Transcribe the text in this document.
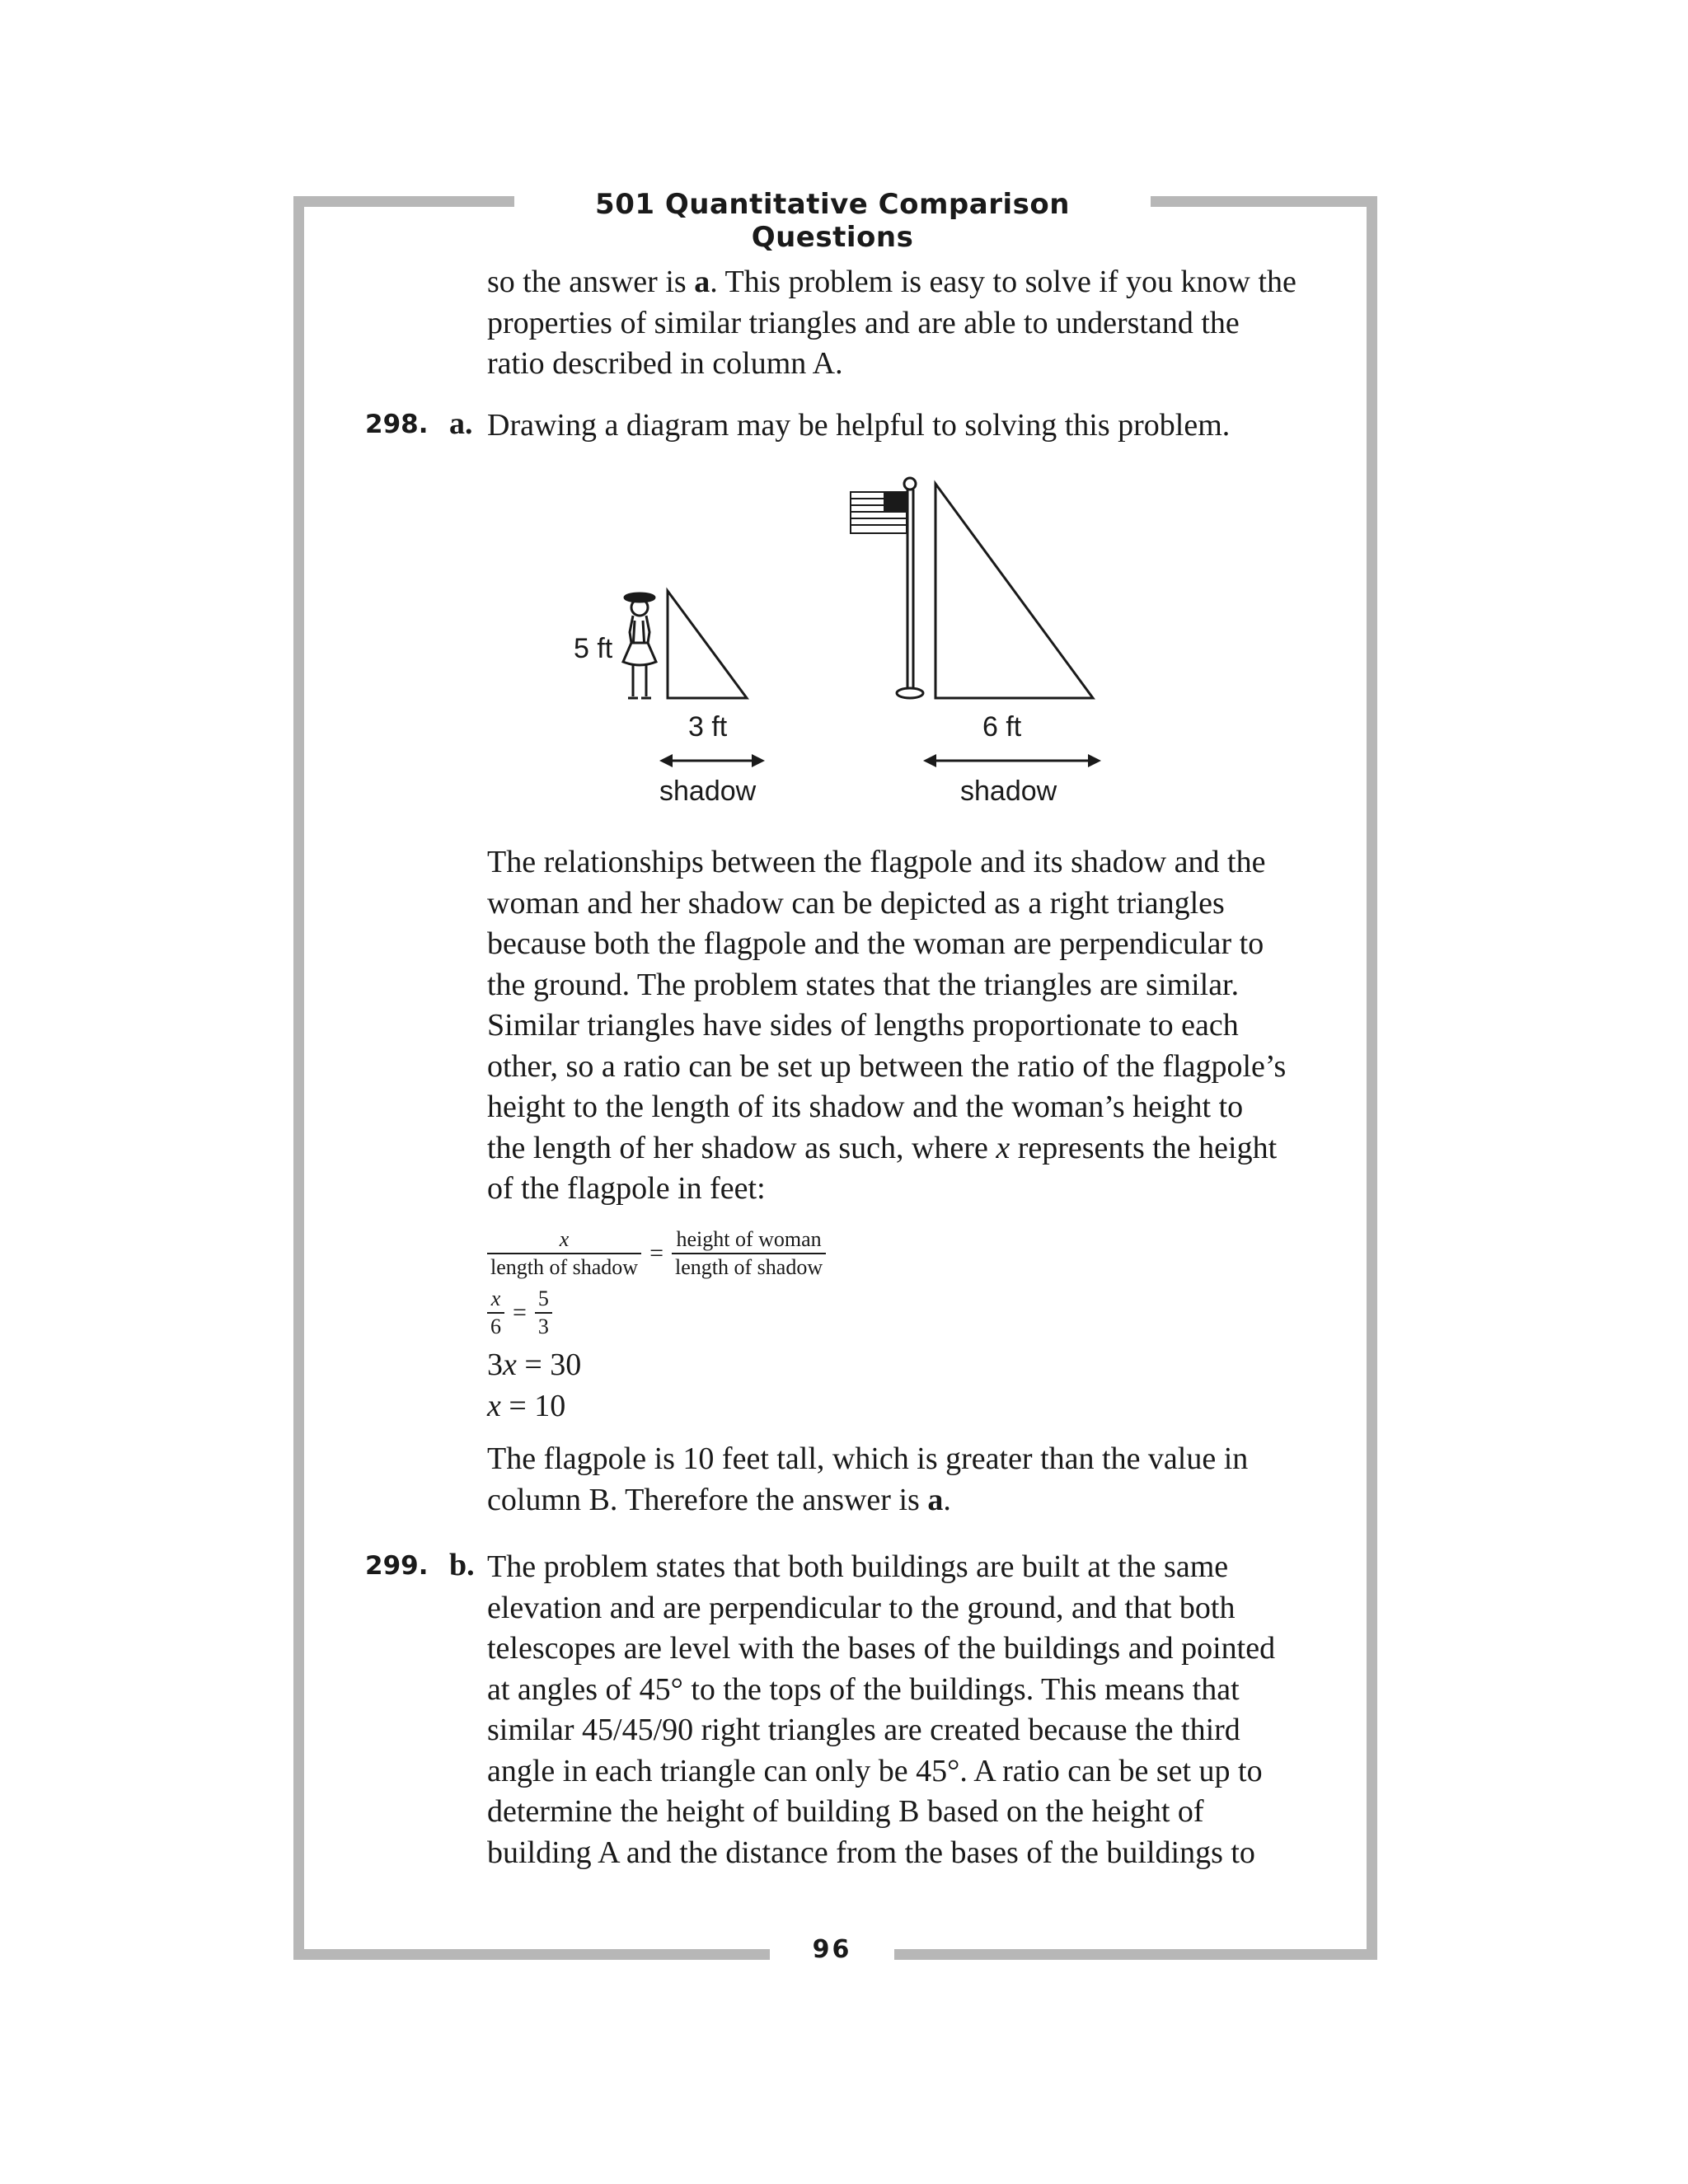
501 Quantitative Comparison Questions

so the answer is a. This problem is easy to solve if you know the

properties of similar triangles and are able to understand the

ratio described in column A.

298. a. Drawing a diagram may be helpful to solving this problem.

5 ft
3 ft	6 ft
shadow	shadow

The relationships between the flagpole and its shadow and the

woman and her shadow can be depicted as a right triangles

because both the flagpole and the woman are perpendicular to

the ground. The problem states that the triangles are similar.

Similar triangles have sides of lengths proportionate to each

other, so a ratio can be set up between the ratio of the flagpole’s

height to the length of its shadow and the woman’s height to

the length of her shadow as such, where x represents the height

of the flagpole in feet:

$\frac{x}{\text{length of shadow}} = \frac{\text{height of woman}}{\text{length of shadow}}$
$\frac{x}{6} = \frac{5}{3}$
3x = 30
x = 10

The flagpole is 10 feet tall, which is greater than the value in

column B. Therefore the answer is a.

299. b. The problem states that both buildings are built at the same

elevation and are perpendicular to the ground, and that both

telescopes are level with the bases of the buildings and pointed

at angles of 45° to the tops of the buildings. This means that

similar 45/45/90 right triangles are created because the third

angle in each triangle can only be 45°. A ratio can be set up to

determine the height of building B based on the height of

building A and the distance from the bases of the buildings to

96
